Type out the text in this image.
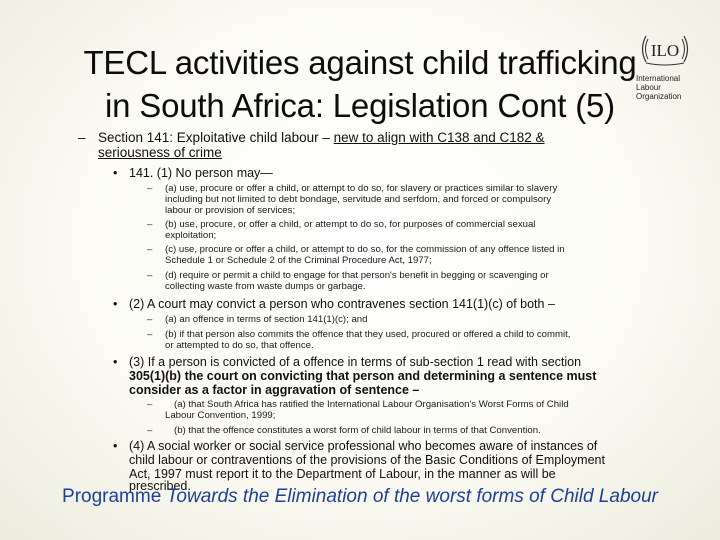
TECL activities against child trafficking
in South Africa: Legislation Cont (5)
ILO
International
Labour
Organization
– Section 141: Exploitative child labour – new to align with C138 and C182 &
seriousness of crime
• 141. (1) No person may—
– (a) use, procure or offer a child, or attempt to do so, for slavery or practices similar to slavery
including but not limited to debt bondage, servitude and serfdom, and forced or compulsory
labour or provision of services;
– (b) use, procure, or offer a child, or attempt to do so, for purposes of commercial sexual
exploitation;
– (c) use, procure or offer a child, or attempt to do so, for the commission of any offence listed in
Schedule 1 or Schedule 2 of the Criminal Procedure Act, 1977;
– (d) require or permit a child to engage for that person's benefit in begging or scavenging or
collecting waste from waste dumps or garbage.
• (2) A court may convict a person who contravenes section 141(1)(c) of both –
– (a) an offence in terms of section 141(1)(c); and
– (b) if that person also commits the offence that they used, procured or offered a child to commit,
or attempted to do so, that offence.
• (3) If a person is convicted of a offence in terms of sub-section 1 read with section
305(1)(b) the court on convicting that person and determining a sentence must
consider as a factor in aggravation of sentence –
– (a) that South Africa has ratified the International Labour Organisation's Worst Forms of Child
Labour Convention, 1999;
– (b) that the offence constitutes a worst form of child labour in terms of that Convention.
• (4) A social worker or social service professional who becomes aware of instances of
child labour or contraventions of the provisions of the Basic Conditions of Employment
Act, 1997 must report it to the Department of Labour, in the manner as will be
prescribed.
Programme Towards the Elimination of the worst forms of Child Labour
